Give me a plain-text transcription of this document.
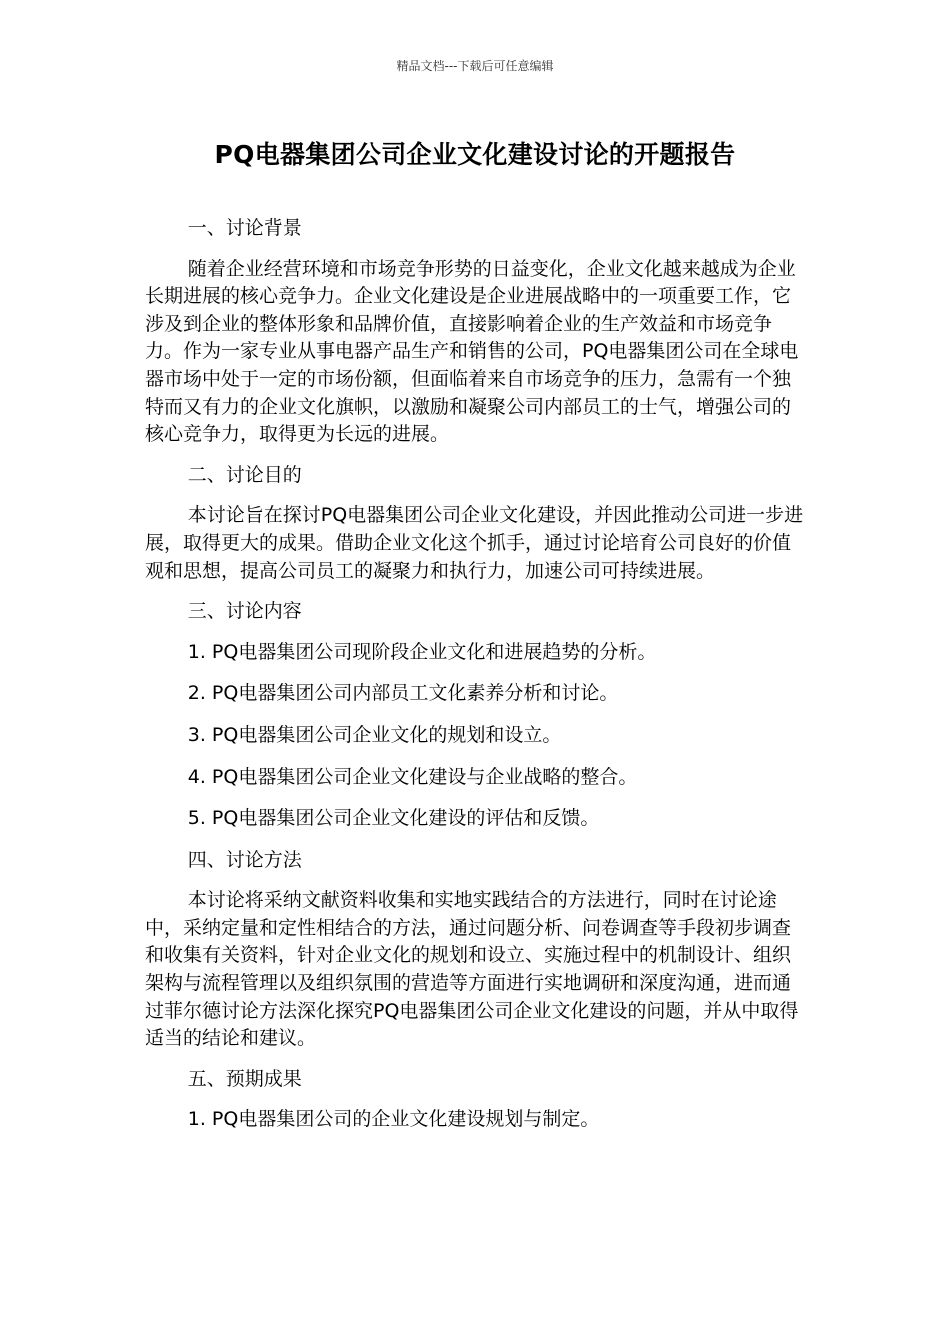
精品文档---下载后可任意编辑
PQ电器集团公司企业文化建设讨论的开题报告

一、讨论背景

随着企业经营环境和市场竞争形势的日益变化，企业文化越来越成为企业长期进展的核心竞争力。企业文化建设是企业进展战略中的一项重要工作，它涉及到企业的整体形象和品牌价值，直接影响着企业的生产效益和市场竞争力。作为一家专业从事电器产品生产和销售的公司，PQ电器集团公司在全球电器市场中处于一定的市场份额，但面临着来自市场竞争的压力，急需有一个独特而又有力的企业文化旗帜，以激励和凝聚公司内部员工的士气，增强公司的核心竞争力，取得更为长远的进展。

二、讨论目的

本讨论旨在探讨PQ电器集团公司企业文化建设，并因此推动公司进一步进展，取得更大的成果。借助企业文化这个抓手，通过讨论培育公司良好的价值观和思想，提高公司员工的凝聚力和执行力，加速公司可持续进展。

三、讨论内容

1. PQ电器集团公司现阶段企业文化和进展趋势的分析。

2. PQ电器集团公司内部员工文化素养分析和讨论。

3. PQ电器集团公司企业文化的规划和设立。

4. PQ电器集团公司企业文化建设与企业战略的整合。

5. PQ电器集团公司企业文化建设的评估和反馈。

四、讨论方法

本讨论将采纳文献资料收集和实地实践结合的方法进行，同时在讨论途中，采纳定量和定性相结合的方法，通过问题分析、问卷调查等手段初步调查和收集有关资料，针对企业文化的规划和设立、实施过程中的机制设计、组织架构与流程管理以及组织氛围的营造等方面进行实地调研和深度沟通，进而通过菲尔德讨论方法深化探究PQ电器集团公司企业文化建设的问题，并从中取得适当的结论和建议。

五、预期成果

1. PQ电器集团公司的企业文化建设规划与制定。
